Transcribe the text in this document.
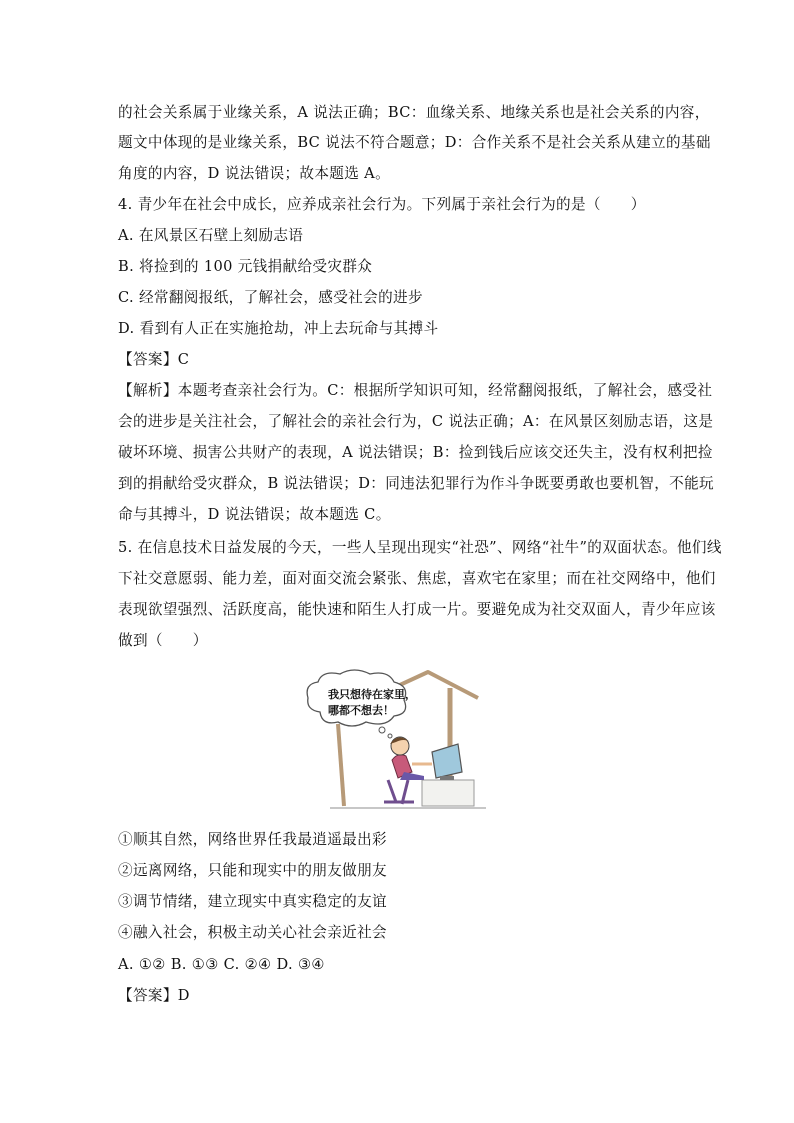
的社会关系属于业缘关系，A 说法正确；BC：血缘关系、地缘关系也是社会关系的内容，
题文中体现的是业缘关系，BC 说法不符合题意；D：合作关系不是社会关系从建立的基础
角度的内容，D 说法错误；故本题选 A。
4. 青少年在社会中成长，应养成亲社会行为。下列属于亲社会行为的是（　　）
A. 在风景区石壁上刻励志语
B. 将捡到的 100 元钱捐献给受灾群众
C. 经常翻阅报纸，了解社会，感受社会的进步
D. 看到有人正在实施抢劫，冲上去玩命与其搏斗
【答案】C
【解析】本题考查亲社会行为。C：根据所学知识可知，经常翻阅报纸，了解社会，感受社
会的进步是关注社会，了解社会的亲社会行为，C 说法正确；A：在风景区刻励志语，这是
破坏环境、损害公共财产的表现，A 说法错误；B：捡到钱后应该交还失主，没有权利把捡
到的捐献给受灾群众，B 说法错误；D：同违法犯罪行为作斗争既要勇敢也要机智，不能玩
命与其搏斗，D 说法错误；故本题选 C。
5. 在信息技术日益发展的今天，一些人呈现出现实“社恐”、网络“社牛”的双面状态。他们线
下社交意愿弱、能力差，面对面交流会紧张、焦虑，喜欢宅在家里；而在社交网络中，他们
表现欲望强烈、活跃度高，能快速和陌生人打成一片。要避免成为社交双面人，青少年应该
做到（　　）
我只想待在家里，
哪都不想去！
①顺其自然，网络世界任我最逍遥最出彩
②远离网络，只能和现实中的朋友做朋友
③调节情绪，建立现实中真实稳定的友谊
④融入社会，积极主动关心社会亲近社会
A. ①② B. ①③ C. ②④ D. ③④
【答案】D
